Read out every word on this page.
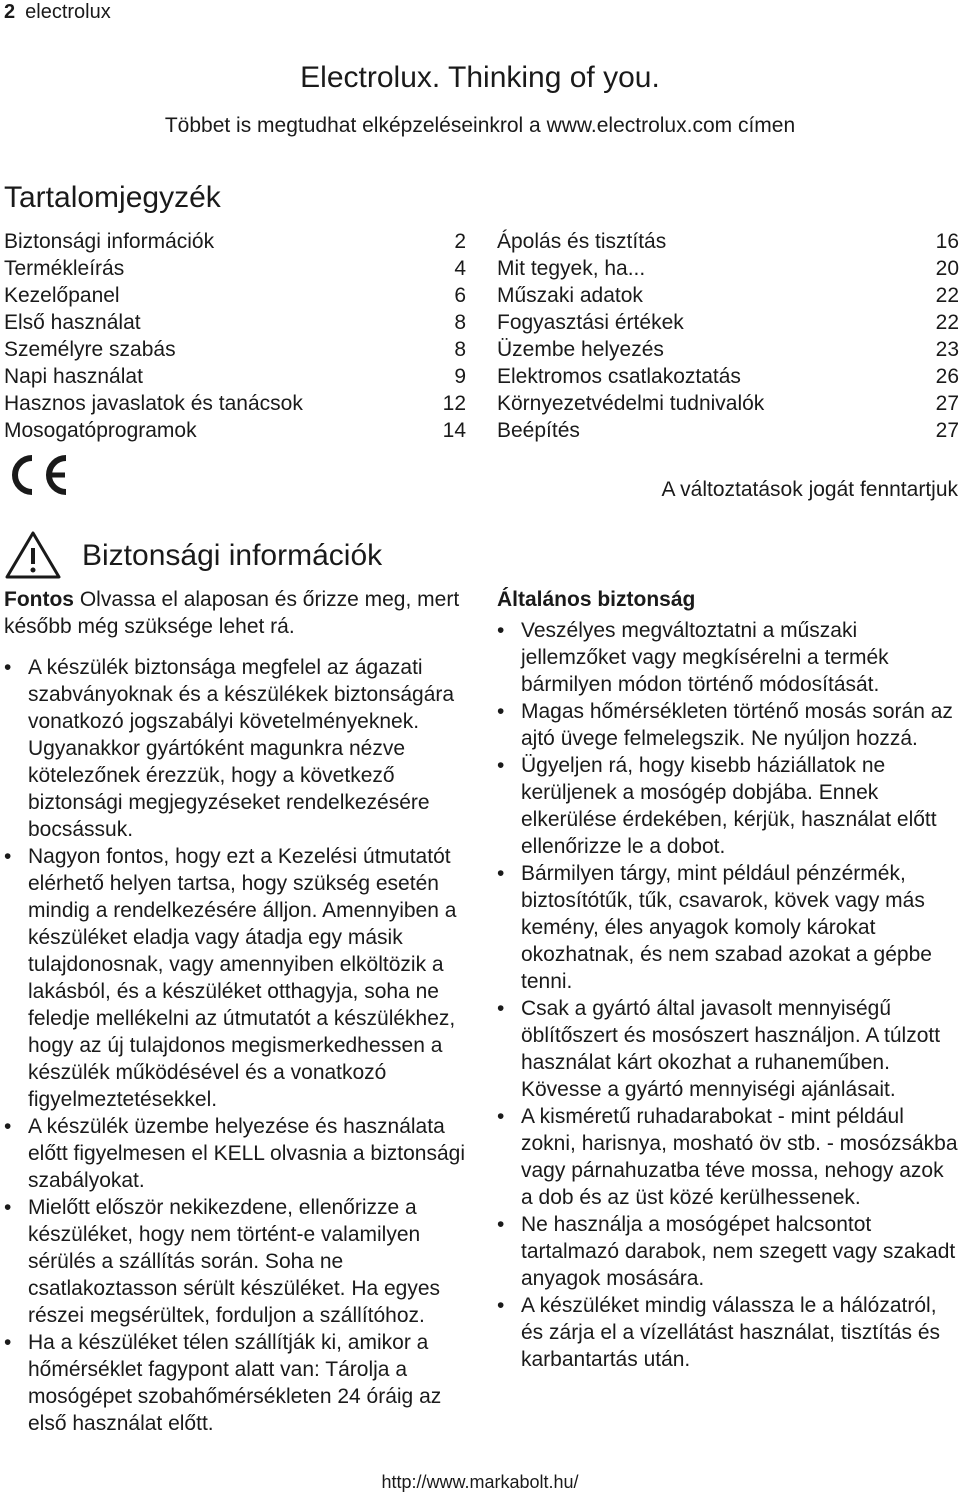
2 electrolux
Electrolux. Thinking of you.
Többet is megtudhat elképzeléseinkrol a www.electrolux.com címen
Tartalomjegyzék
Biztonsági információk	2
Termékleírás	4
Kezelőpanel	6
Első használat	8
Személyre szabás	8
Napi használat	9
Hasznos javaslatok és tanácsok	12
Mosogatóprogramok	14
Ápolás és tisztítás	16
Mit tegyek, ha...	20
Műszaki adatok	22
Fogyasztási értékek	22
Üzembe helyezés	23
Elektromos csatlakoztatás	26
Környezetvédelmi tudnivalók	27
Beépítés	27
A változtatások jogát fenntartjuk
Biztonsági információk

Fontos Olvassa el alaposan és őrizze meg, mert később még szüksége lehet rá.

• A készülék biztonsága megfelel az ágazati szabványoknak és a készülékek biztonságára vonatkozó jogszabályi követelményeknek. Ugyanakkor gyártóként magunkra nézve kötelezőnek érezzük, hogy a következő biztonsági megjegyzéseket rendelkezésére bocsássuk.
• Nagyon fontos, hogy ezt a Kezelési útmutatót elérhető helyen tartsa, hogy szükség esetén mindig a rendelkezésére álljon. Amennyiben a készüléket eladja vagy átadja egy másik tulajdonosnak, vagy amennyiben elköltözik a lakásból, és a készüléket otthagyja, soha ne feledje mellékelni az útmutatót a készülékhez, hogy az új tulajdonos megismerkedhessen a készülék működésével és a vonatkozó figyelmeztetésekkel.
• A készülék üzembe helyezése és használata előtt figyelmesen el KELL olvasnia a biztonsági szabályokat.
• Mielőtt először nekikezdene, ellenőrizze a készüléket, hogy nem történt-e valamilyen sérülés a szállítás során. Soha ne csatlakoztasson sérült készüléket. Ha egyes részei megsérültek, forduljon a szállítóhoz.
• Ha a készüléket télen szállítják ki, amikor a hőmérséklet fagypont alatt van: Tárolja a mosógépet szobahőmérsékleten 24 óráig az első használat előtt.

Általános biztonság

• Veszélyes megváltoztatni a műszaki jellemzőket vagy megkísérelni a termék bármilyen módon történő módosítását.
• Magas hőmérsékleten történő mosás során az ajtó üvege felmelegszik. Ne nyúljon hozzá.
• Ügyeljen rá, hogy kisebb háziállatok ne kerüljenek a mosógép dobjába. Ennek elkerülése érdekében, kérjük, használat előtt ellenőrizze le a dobot.
• Bármilyen tárgy, mint például pénzérmék, biztosítótűk, tűk, csavarok, kövek vagy más kemény, éles anyagok komoly károkat okozhatnak, és nem szabad azokat a gépbe tenni.
• Csak a gyártó által javasolt mennyiségű öblítőszert és mosószert használjon. A túlzott használat kárt okozhat a ruhaneműben. Kövesse a gyártó mennyiségi ajánlásait.
• A kisméretű ruhadarabokat - mint például zokni, harisnya, mosható öv stb. - mosózsákba vagy párnahuzatba téve mossa, nehogy azok a dob és az üst közé kerülhessenek.
• Ne használja a mosógépet halcsontot tartalmazó darabok, nem szegett vagy szakadt anyagok mosására.
• A készüléket mindig válassza le a hálózatról, és zárja el a vízellátást használat, tisztítás és karbantartás után.
http://www.markabolt.hu/
